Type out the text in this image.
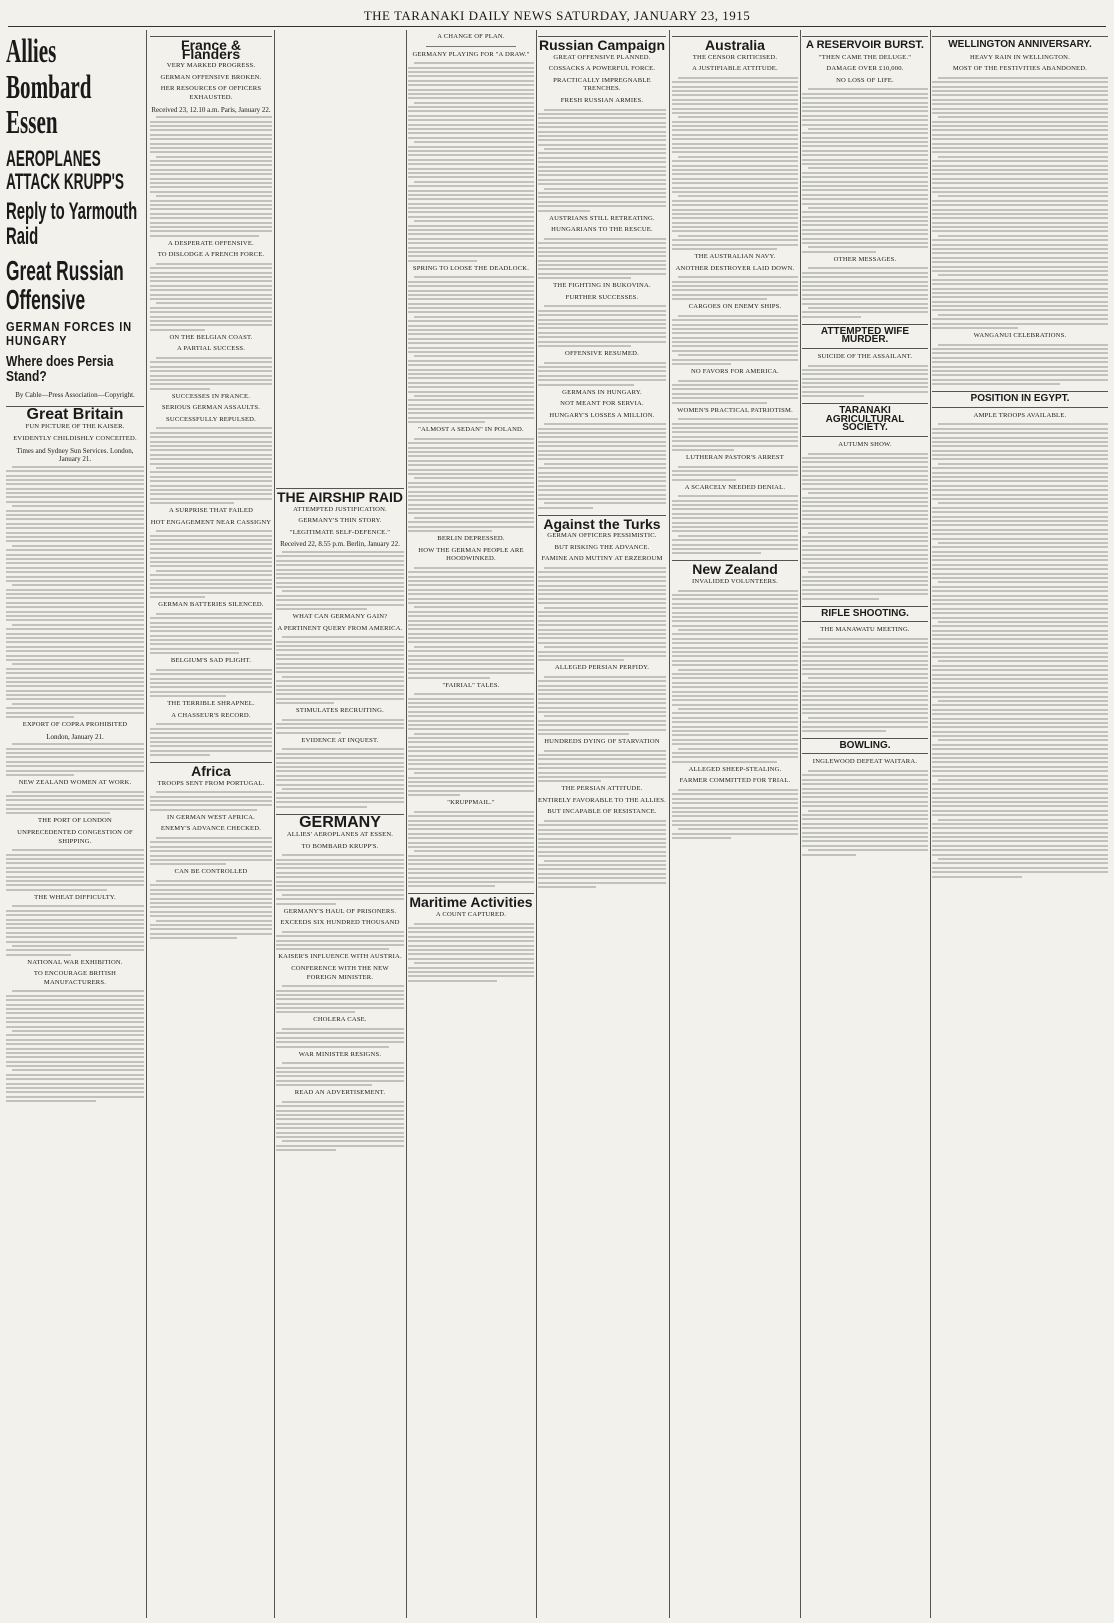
THE TARANAKI DAILY NEWS SATURDAY, JANUARY 23, 1915
Allies Bombard Essen
AEROPLANES ATTACK KRUPP'S
Reply to Yarmouth Raid
Great Russian Offensive
GERMAN FORCES IN HUNGARY
Where does Persia Stand?
By Cable—Press Association—Copyright.
Great Britain
FUN PICTURE OF THE KAISER.
EVIDENTLY CHILDISHLY CONCEITED.
Times and Sydney Sun Services. London, January 21.
EXPORT OF COPRA PROHIBITED
London, January 21.
NEW ZEALAND WOMEN AT WORK.
THE PORT OF LONDON
UNPRECEDENTED CONGESTION OF SHIPPING.
THE WHEAT DIFFICULTY.
NATIONAL WAR EXHIBITION.
TO ENCOURAGE BRITISH MANUFACTURERS.
France & Flanders
VERY MARKED PROGRESS.
GERMAN OFFENSIVE BROKEN.
HER RESOURCES OF OFFICERS EXHAUSTED.
Received 23, 12.10 a.m. Paris, January 22.
A DESPERATE OFFENSIVE.
TO DISLODGE A FRENCH FORCE.
ON THE BELGIAN COAST.
A PARTIAL SUCCESS.
SUCCESSES IN FRANCE.
SERIOUS GERMAN ASSAULTS.
SUCCESSFULLY REPULSED.
A SURPRISE THAT FAILED
HOT ENGAGEMENT NEAR CASSIGNY
GERMAN BATTERIES SILENCED.
BELGIUM'S SAD PLIGHT.
THE TERRIBLE SHRAPNEL.
A CHASSEUR'S RECORD.
Africa
TROOPS SENT FROM PORTUGAL.
IN GERMAN WEST AFRICA.
ENEMY'S ADVANCE CHECKED.
CAN BE CONTROLLED
THE AIRSHIP RAID
ATTEMPTED JUSTIFICATION.
GERMANY'S THIN STORY.
"LEGITIMATE SELF-DEFENCE."
Received 22, 8.55 p.m. Berlin, January 22.
WHAT CAN GERMANY GAIN?
A PERTINENT QUERY FROM AMERICA.
STIMULATES RECRUITING.
EVIDENCE AT INQUEST.
GERMANY
ALLIES' AEROPLANES AT ESSEN.
TO BOMBARD KRUPP'S.
GERMANY'S HAUL OF PRISONERS.
EXCEEDS SIX HUNDRED THOUSAND
KAISER'S INFLUENCE WITH AUSTRIA.
CONFERENCE WITH THE NEW FOREIGN MINISTER.
CHOLERA CASE.
WAR MINISTER RESIGNS.
READ AN ADVERTISEMENT.
A CHANGE OF PLAN.
GERMANY PLAYING FOR "A DRAW."
SPRING TO LOOSE THE DEADLOCK.
"ALMOST A SEDAN" IN POLAND.
BERLIN DEPRESSED.
HOW THE GERMAN PEOPLE ARE HOODWINKED.
"FAIRIAL" TALES.
"KRUPPMAIL."
Maritime Activities
A COUNT CAPTURED.
Russian Campaign
GREAT OFFENSIVE PLANNED.
COSSACKS A POWERFUL FORCE.
PRACTICALLY IMPREGNABLE TRENCHES.
FRESH RUSSIAN ARMIES.
AUSTRIANS STILL RETREATING.
HUNGARIANS TO THE RESCUE.
THE FIGHTING IN BUKOVINA.
FURTHER SUCCESSES.
OFFENSIVE RESUMED.
GERMANS IN HUNGARY.
NOT MEANT FOR SERVIA.
HUNGARY'S LOSSES A MILLION.
Against the Turks
GERMAN OFFICERS PESSIMISTIC.
BUT RISKING THE ADVANCE.
FAMINE AND MUTINY AT ERZEROUM
ALLEGED PERSIAN PERFIDY.
HUNDREDS DYING OF STARVATION
THE PERSIAN ATTITUDE.
ENTIRELY FAVORABLE TO THE ALLIES.
BUT INCAPABLE OF RESISTANCE.
Australia
THE CENSOR CRITICISED.
A JUSTIFIABLE ATTITUDE.
THE AUSTRALIAN NAVY.
ANOTHER DESTROYER LAID DOWN.
CARGOES ON ENEMY SHIPS.
NO FAVORS FOR AMERICA.
WOMEN'S PRACTICAL PATRIOTISM.
LUTHERAN PASTOR'S ARREST
A SCARCELY NEEDED DENIAL.
New Zealand
INVALIDED VOLUNTEERS.
ALLEGED SHEEP-STEALING.
FARMER COMMITTED FOR TRIAL.
A RESERVOIR BURST.
"THEN CAME THE DELUGE."
DAMAGE OVER £10,000.
NO LOSS OF LIFE.
OTHER MESSAGES.
ATTEMPTED WIFE MURDER.
SUICIDE OF THE ASSAILANT.
TARANAKI AGRICULTURAL SOCIETY.
AUTUMN SHOW.
RIFLE SHOOTING.
THE MANAWATU MEETING.
BOWLING.
INGLEWOOD DEFEAT WAITARA.
WELLINGTON ANNIVERSARY.
HEAVY RAIN IN WELLINGTON.
MOST OF THE FESTIVITIES ABANDONED.
WANGANUI CELEBRATIONS.
POSITION IN EGYPT.
AMPLE TROOPS AVAILABLE.
